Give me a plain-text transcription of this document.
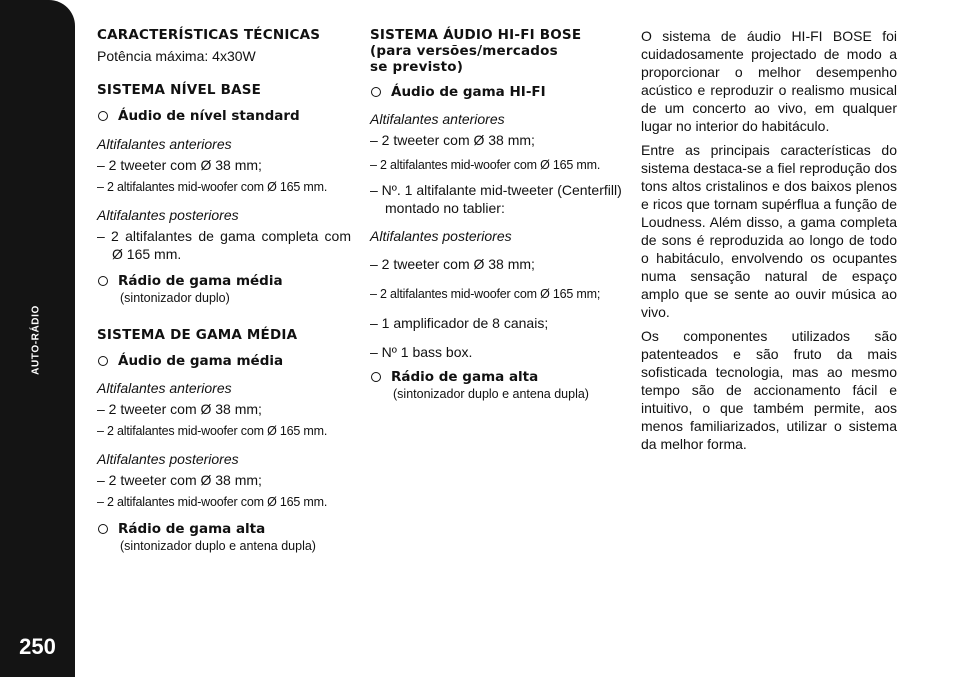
AUTO-RÁDIO
250

CARACTERÍSTICAS TÉCNICAS

Potência máxima: 4x30W

SISTEMA NÍVEL BASE

Áudio de nível standard

Altifalantes anteriores

– 2 tweeter com Ø 38 mm;

– 2 altifalantes mid-woofer com Ø 165 mm.

Altifalantes posteriores

– 2 altifalantes de gama completa com Ø 165 mm.

Rádio de gama média

(sintonizador duplo)

SISTEMA DE GAMA MÉDIA

Áudio de gama média

Altifalantes anteriores

– 2 tweeter com Ø 38 mm;

– 2 altifalantes mid-woofer com Ø 165 mm.

Altifalantes posteriores

– 2 tweeter com Ø 38 mm;

– 2 altifalantes mid-woofer com Ø 165 mm.

Rádio de gama alta

(sintonizador duplo e antena dupla)

SISTEMA ÁUDIO HI-FI BOSE

(para versões/mercados

se previsto)

Áudio de gama HI-FI

Altifalantes anteriores

– 2 tweeter com Ø 38 mm;

– 2 altifalantes mid-woofer com Ø 165 mm.

– Nº. 1 altifalante mid-tweeter (Centerfill) montado no tablier:

Altifalantes posteriores

– 2 tweeter com Ø 38 mm;

– 2 altifalantes mid-woofer com Ø 165 mm;

– 1 amplificador de 8 canais;

– Nº 1 bass box.

Rádio de gama alta

(sintonizador duplo e antena dupla)

O sistema de áudio HI-FI BOSE foi cuidadosamente projectado de modo a proporcionar o melhor desempenho acústico e reproduzir o realismo musical de um concerto ao vivo, em qualquer lugar no interior do habitáculo.

Entre as principais características do sistema destaca-se a fiel reprodução dos tons altos cristalinos e dos baixos plenos e ricos que tornam supérflua a função de Loudness. Além disso, a gama completa de sons é reproduzida ao longo de todo o habitáculo, envolvendo os ocupantes numa sensação natural de espaço amplo que se sente ao ouvir música ao vivo.

Os componentes utilizados são patenteados e são fruto da mais sofisticada tecnologia, mas ao mesmo tempo são de accionamento fácil e intuitivo, o que também permite, aos menos familiarizados, utilizar o sistema da melhor forma.
